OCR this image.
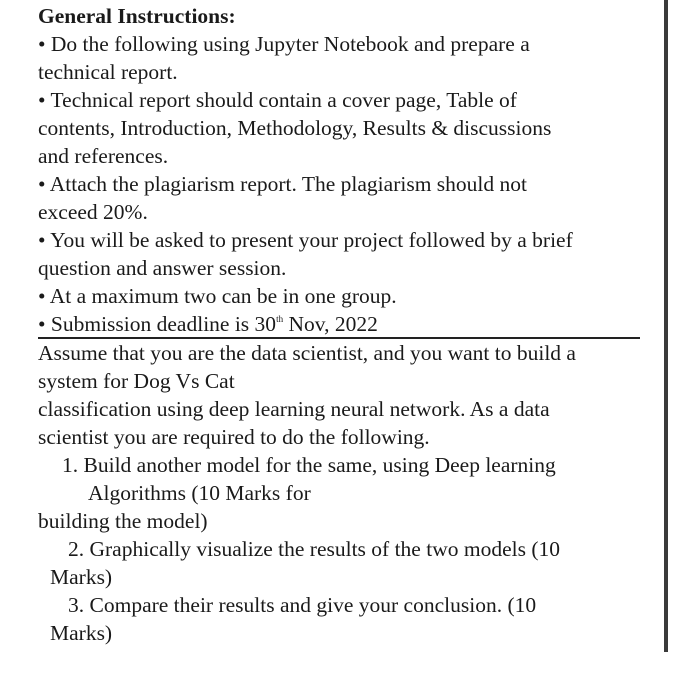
General Instructions:
• Do the following using Jupyter Notebook and prepare a
technical report.
• Technical report should contain a cover page, Table of
contents, Introduction, Methodology, Results & discussions
and references.
• Attach the plagiarism report. The plagiarism should not
exceed 20%.
• You will be asked to present your project followed by a brief
question and answer session.
• At a maximum two can be in one group.
• Submission deadline is 30th Nov, 2022
Assume that you are the data scientist, and you want to build a
system for Dog Vs Cat
classification using deep learning neural network. As a data
scientist you are required to do the following.
1. Build another model for the same, using Deep learning
Algorithms (10 Marks for
building the model)
2. Graphically visualize the results of the two models (10
Marks)
3. Compare their results and give your conclusion. (10
Marks)
